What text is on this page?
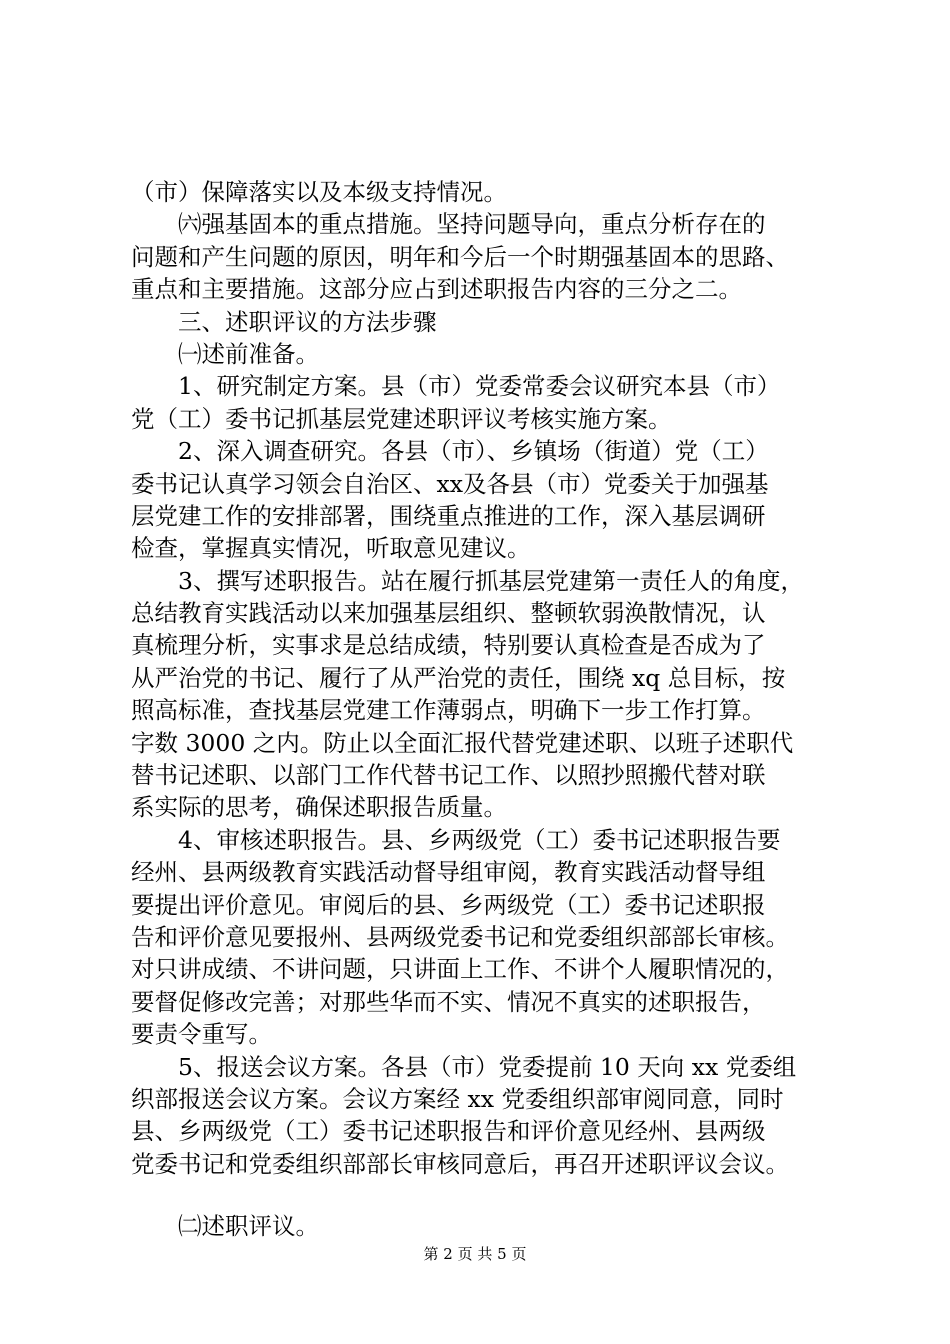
（市）保障落实以及本级支持情况。
㈥强基固本的重点措施。坚持问题导向，重点分析存在的
问题和产生问题的原因，明年和今后一个时期强基固本的思路、
重点和主要措施。这部分应占到述职报告内容的三分之二。
三、述职评议的方法步骤
㈠述前准备。
1、研究制定方案。县（市）党委常委会议研究本县（市）
党（工）委书记抓基层党建述职评议考核实施方案。
2、深入调查研究。各县（市）、乡镇场（街道）党（工）
委书记认真学习领会自治区、xx及各县（市）党委关于加强基
层党建工作的安排部署，围绕重点推进的工作，深入基层调研
检查，掌握真实情况，听取意见建议。
3、撰写述职报告。站在履行抓基层党建第一责任人的角度，
总结教育实践活动以来加强基层组织、整顿软弱涣散情况，认
真梳理分析，实事求是总结成绩，特别要认真检查是否成为了
从严治党的书记、履行了从严治党的责任，围绕 xq 总目标，按
照高标准，查找基层党建工作薄弱点，明确下一步工作打算。
字数 3000 之内。防止以全面汇报代替党建述职、以班子述职代
替书记述职、以部门工作代替书记工作、以照抄照搬代替对联
系实际的思考，确保述职报告质量。
4、审核述职报告。县、乡两级党（工）委书记述职报告要
经州、县两级教育实践活动督导组审阅，教育实践活动督导组
要提出评价意见。审阅后的县、乡两级党（工）委书记述职报
告和评价意见要报州、县两级党委书记和党委组织部部长审核。
对只讲成绩、不讲问题，只讲面上工作、不讲个人履职情况的，
要督促修改完善；对那些华而不实、情况不真实的述职报告，
要责令重写。
5、报送会议方案。各县（市）党委提前 10 天向 xx 党委组
织部报送会议方案。会议方案经 xx 党委组织部审阅同意，同时
县、乡两级党（工）委书记述职报告和评价意见经州、县两级
党委书记和党委组织部部长审核同意后，再召开述职评议会议。
㈡述职评议。
第 2 页 共 5 页
